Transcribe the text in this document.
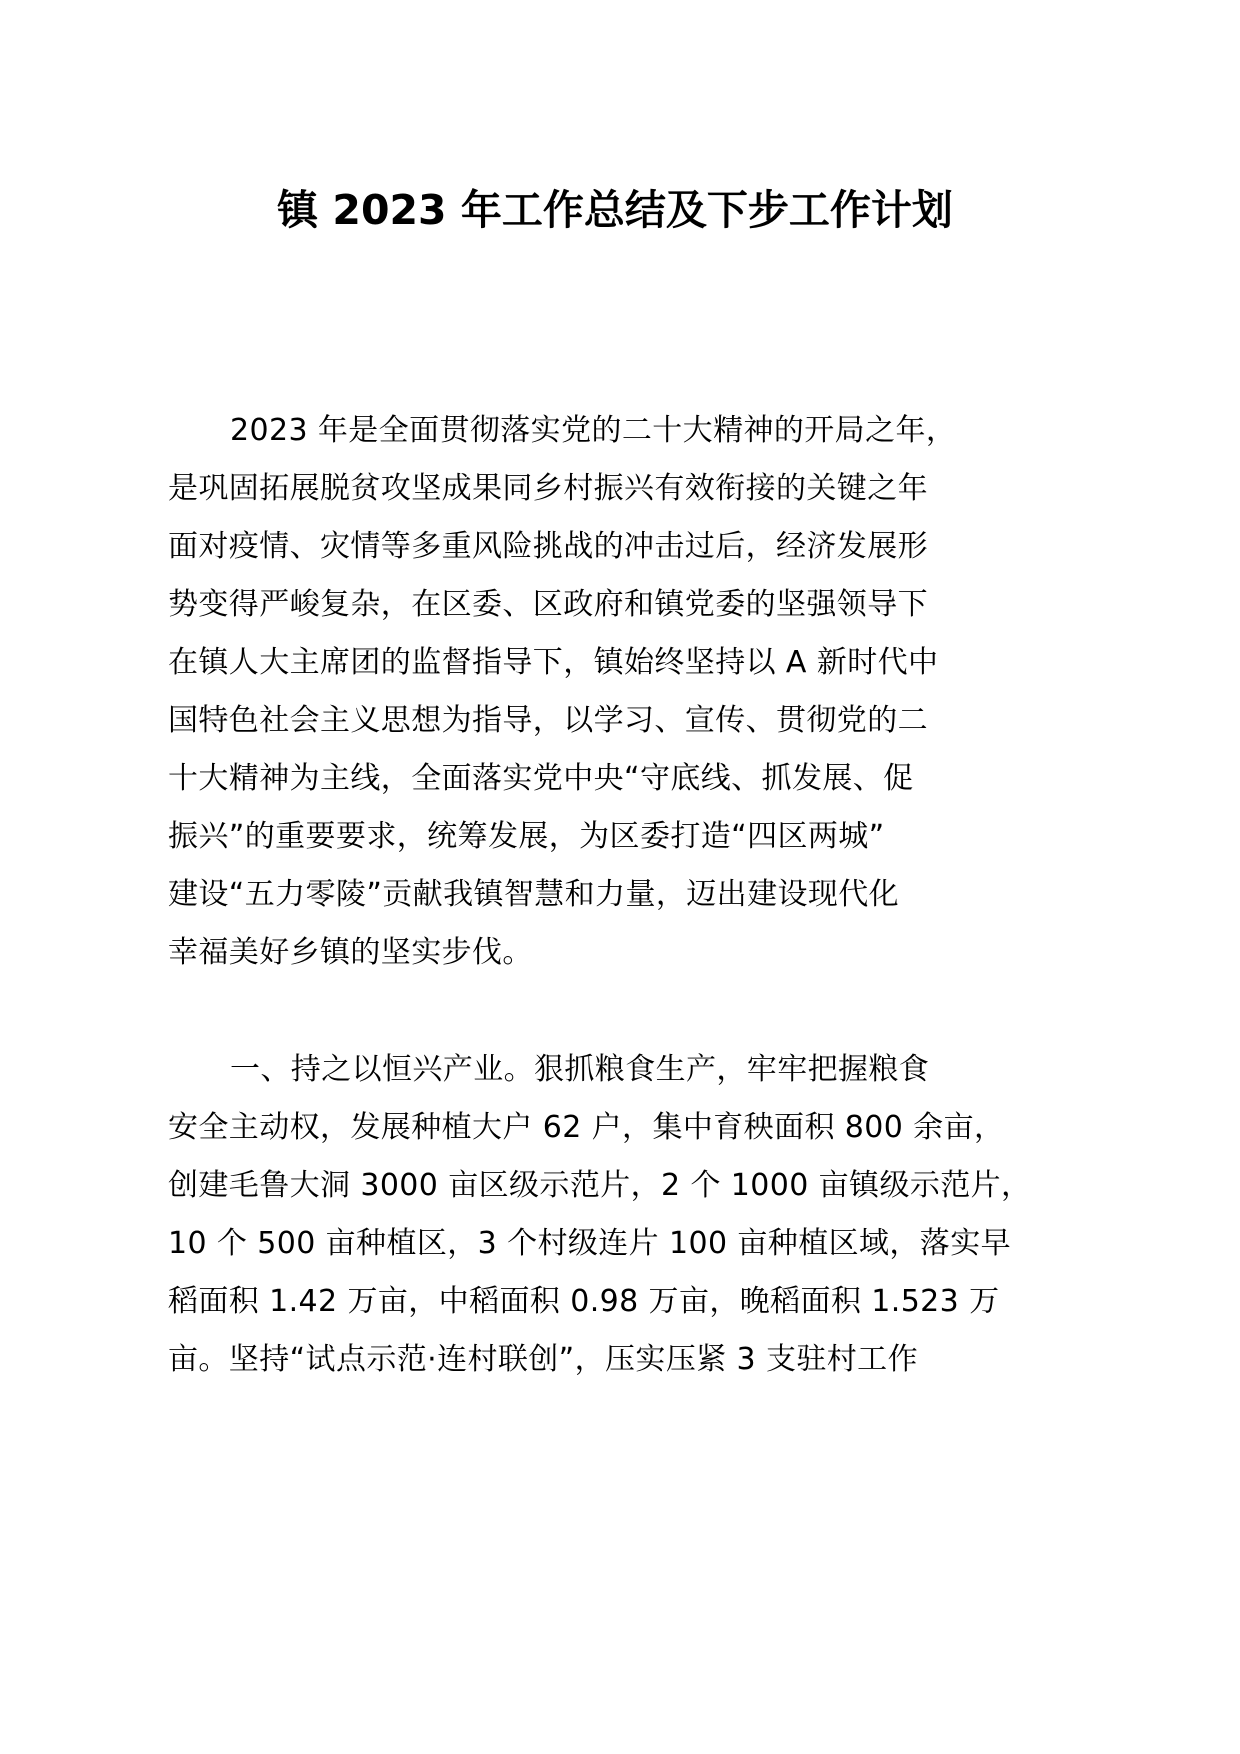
镇 2023 年工作总结及下步工作计划
2023 年是全面贯彻落实党的二十大精神的开局之年，
是巩固拓展脱贫攻坚成果同乡村振兴有效衔接的关键之年
面对疫情、灾情等多重风险挑战的冲击过后，经济发展形
势变得严峻复杂，在区委、区政府和镇党委的坚强领导下
在镇人大主席团的监督指导下，镇始终坚持以 A 新时代中
国特色社会主义思想为指导，以学习、宣传、贯彻党的二
十大精神为主线，全面落实党中央“守底线、抓发展、促
振兴”的重要要求，统筹发展，为区委打造“四区两城”
建设“五力零陵”贡献我镇智慧和力量，迈出建设现代化
幸福美好乡镇的坚实步伐。
一、持之以恒兴产业。狠抓粮食生产，牢牢把握粮食
安全主动权，发展种植大户 62 户，集中育秧面积 800 余亩，
创建毛鲁大洞 3000 亩区级示范片，2 个 1000 亩镇级示范片，
10 个 500 亩种植区，3 个村级连片 100 亩种植区域，落实早
稻面积 1.42 万亩，中稻面积 0.98 万亩，晚稻面积 1.523 万
亩。坚持“试点示范·连村联创”，压实压紧 3 支驻村工作
